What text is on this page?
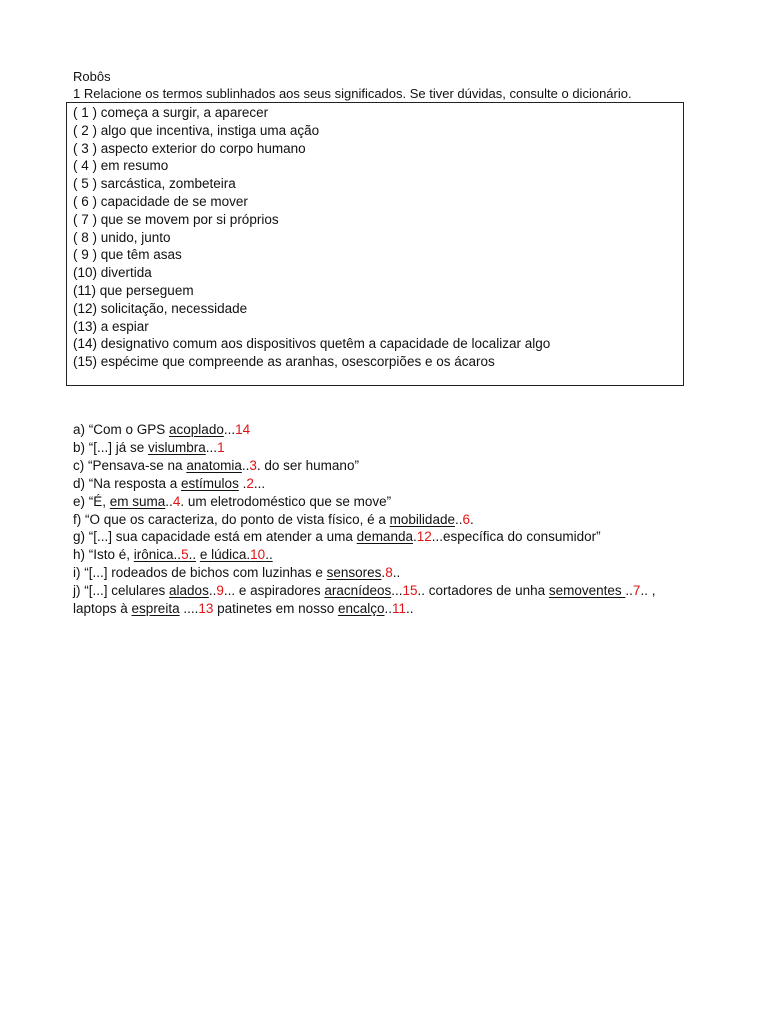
Robôs
1 Relacione os termos sublinhados aos seus significados. Se tiver dúvidas, consulte o dicionário.
( 1 ) começa a surgir, a aparecer
( 2 ) algo que incentiva, instiga uma ação
( 3 ) aspecto exterior do corpo humano
( 4 ) em resumo
( 5 ) sarcástica, zombeteira
( 6 ) capacidade de se mover
( 7 ) que se movem por si próprios
( 8 ) unido, junto
( 9 ) que têm asas
(10) divertida
(11) que perseguem
(12) solicitação, necessidade
(13) a espiar
(14) designativo comum aos dispositivos quetêm a capacidade de localizar algo
(15) espécime que compreende as aranhas, osescorpiões e os ácaros
a) “Com o GPS acoplado...14
b) “[...] já se vislumbra...1
c) “Pensava-se na anatomia..3. do ser humano”
d) “Na resposta a estímulos .2...
e) “É, em suma..4. um eletrodoméstico que se move”
f) “O que os caracteriza, do ponto de vista físico, é a mobilidade..6.
g) “[...] sua capacidade está em atender a uma demanda.12...específica do consumidor”
h) “Isto é, irônica..5.. e lúdica.10..
i) “[...] rodeados de bichos com luzinhas e sensores.8..
j) “[...] celulares alados..9... e aspiradores aracnídeos...15.. cortadores de unha semoventes ..7.. ,
laptops à espreita ....13 patinetes em nosso encalço..11..
